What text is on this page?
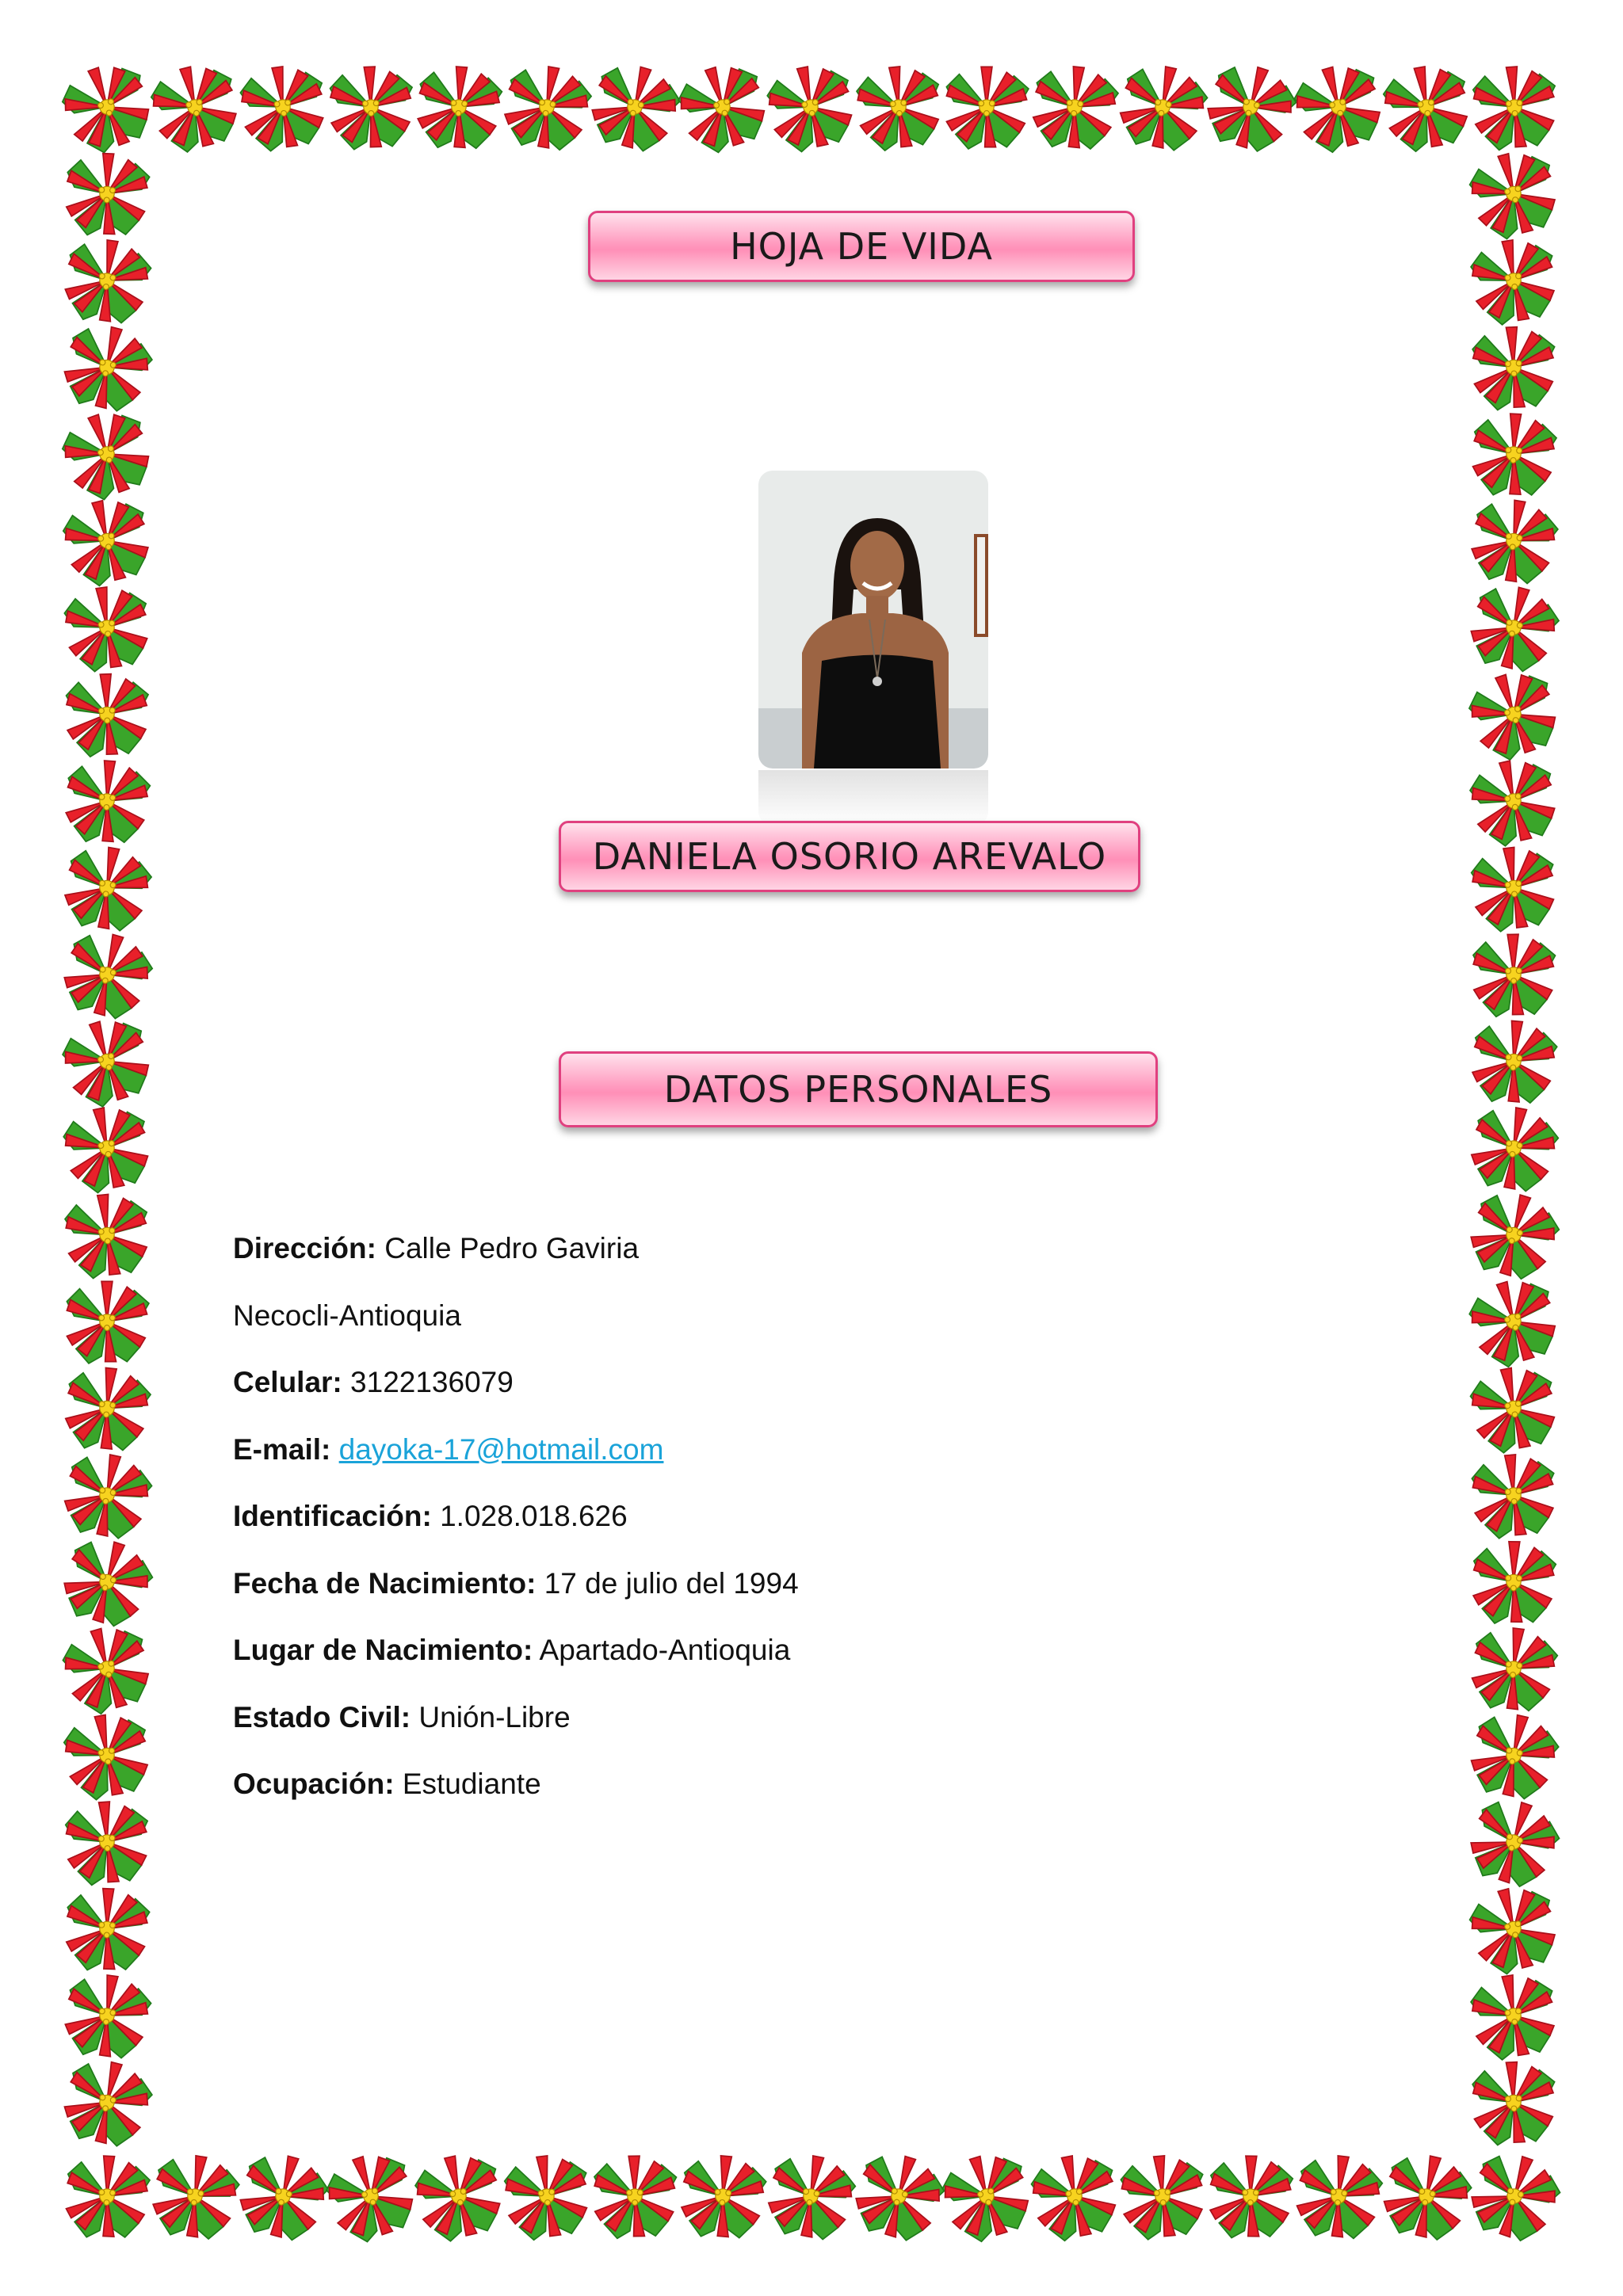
HOJA DE VIDA
DANIELA OSORIO AREVALO
DATOS PERSONALES
Dirección: Calle Pedro Gaviria
Necocli-Antioquia
Celular: 3122136079
E-mail: dayoka-17@hotmail.com
Identificación: 1.028.018.626
Fecha de Nacimiento: 17 de julio del 1994
Lugar de Nacimiento: Apartado-Antioquia
Estado Civil: Unión-Libre
Ocupación: Estudiante
